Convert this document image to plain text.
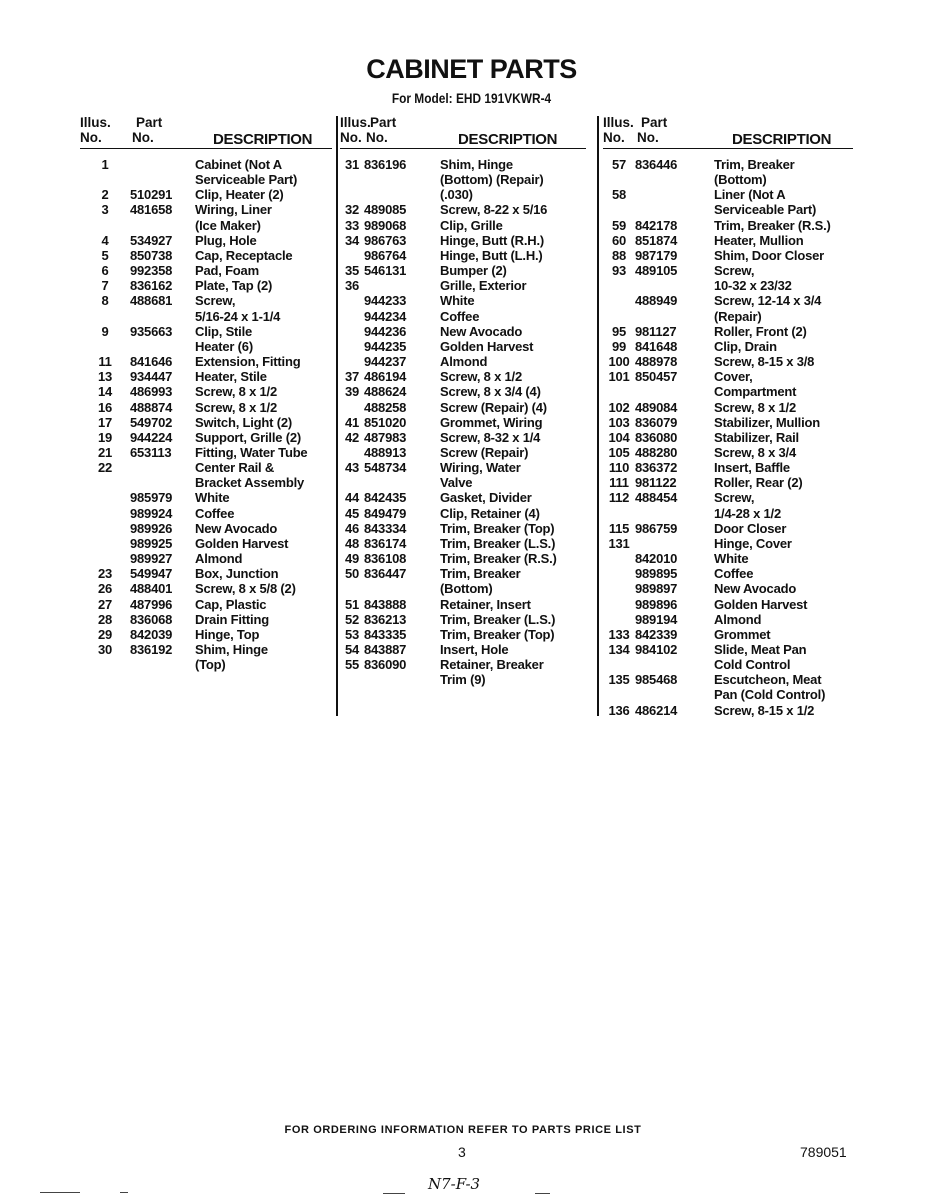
CABINET PARTS
For Model: EHD 191VKWR-4
Illus.
No.
Part
No.	DESCRIPTION
1	Cabinet (Not A
Serviceable Part)
2	510291	Clip, Heater (2)
3	481658	Wiring, Liner
(Ice Maker)
4	534927	Plug, Hole
5	850738	Cap, Receptacle
6	992358	Pad, Foam
7	836162	Plate, Tap (2)
8	488681	Screw,
5/16-24 x 1-1/4
9	935663	Clip, Stile
Heater (6)
11	841646	Extension, Fitting
13	934447	Heater, Stile
14	486993	Screw, 8 x 1/2
16	488874	Screw, 8 x 1/2
17	549702	Switch, Light (2)
19	944224	Support, Grille (2)
21	653113	Fitting, Water Tube
22	Center Rail &
Bracket Assembly
985979	White
989924	Coffee
989926	New Avocado
989925	Golden Harvest
989927	Almond
23	549947	Box, Junction
26	488401	Screw, 8 x 5/8 (2)
27	487996	Cap, Plastic
28	836068	Drain Fitting
29	842039	Hinge, Top
30	836192	Shim, Hinge
(Top)
Illus.
No.
Part
No.	DESCRIPTION
31 836196	Shim, Hinge
(Bottom) (Repair)
(.030)
32 489085	Screw, 8-22 x 5/16
33 989068	Clip, Grille
34 986763	Hinge, Butt (R.H.)
986764	Hinge, Butt (L.H.)
35 546131	Bumper (2)
36	Grille, Exterior
944233	White
944234	Coffee
944236	New Avocado
944235	Golden Harvest
944237	Almond
37 486194	Screw, 8 x 1/2
39 488624	Screw, 8 x 3/4 (4)
488258	Screw (Repair) (4)
41 851020	Grommet, Wiring
42 487983	Screw, 8-32 x 1/4
488913	Screw (Repair)
43 548734	Wiring, Water
Valve
44 842435	Gasket, Divider
45 849479	Clip, Retainer (4)
46 843334	Trim, Breaker (Top)
48 836174	Trim, Breaker (L.S.)
49 836108	Trim, Breaker (R.S.)
50 836447	Trim, Breaker
(Bottom)
51 843888	Retainer, Insert
52 836213	Trim, Breaker (L.S.)
53 843335	Trim, Breaker (Top)
54 843887	Insert, Hole
55 836090	Retainer, Breaker
Trim (9)
Illus.
No.
Part
No.	DESCRIPTION
57 836446	Trim, Breaker
(Bottom)
58	Liner (Not A
Serviceable Part)
59 842178	Trim, Breaker (R.S.)
60 851874	Heater, Mullion
88 987179	Shim, Door Closer
93 489105	Screw,
10-32 x 23/32
488949	Screw, 12-14 x 3/4
(Repair)
95 981127	Roller, Front (2)
99 841648	Clip, Drain
100 488978	Screw, 8-15 x 3/8
101 850457	Cover,
Compartment
102 489084	Screw, 8 x 1/2
103 836079	Stabilizer, Mullion
104 836080	Stabilizer, Rail
105 488280	Screw, 8 x 3/4
110 836372	Insert, Baffle
111 981122	Roller, Rear (2)
112 488454	Screw,
1/4-28 x 1/2
115 986759	Door Closer
131	Hinge, Cover
842010	White
989895	Coffee
989897	New Avocado
989896	Golden Harvest
989194	Almond
133 842339	Grommet
134 984102	Slide, Meat Pan
Cold Control
135 985468	Escutcheon, Meat
Pan (Cold Control)
136 486214	Screw, 8-15 x 1/2
FOR ORDERING INFORMATION REFER TO PARTS PRICE LIST
3	789051
N7-F-3
